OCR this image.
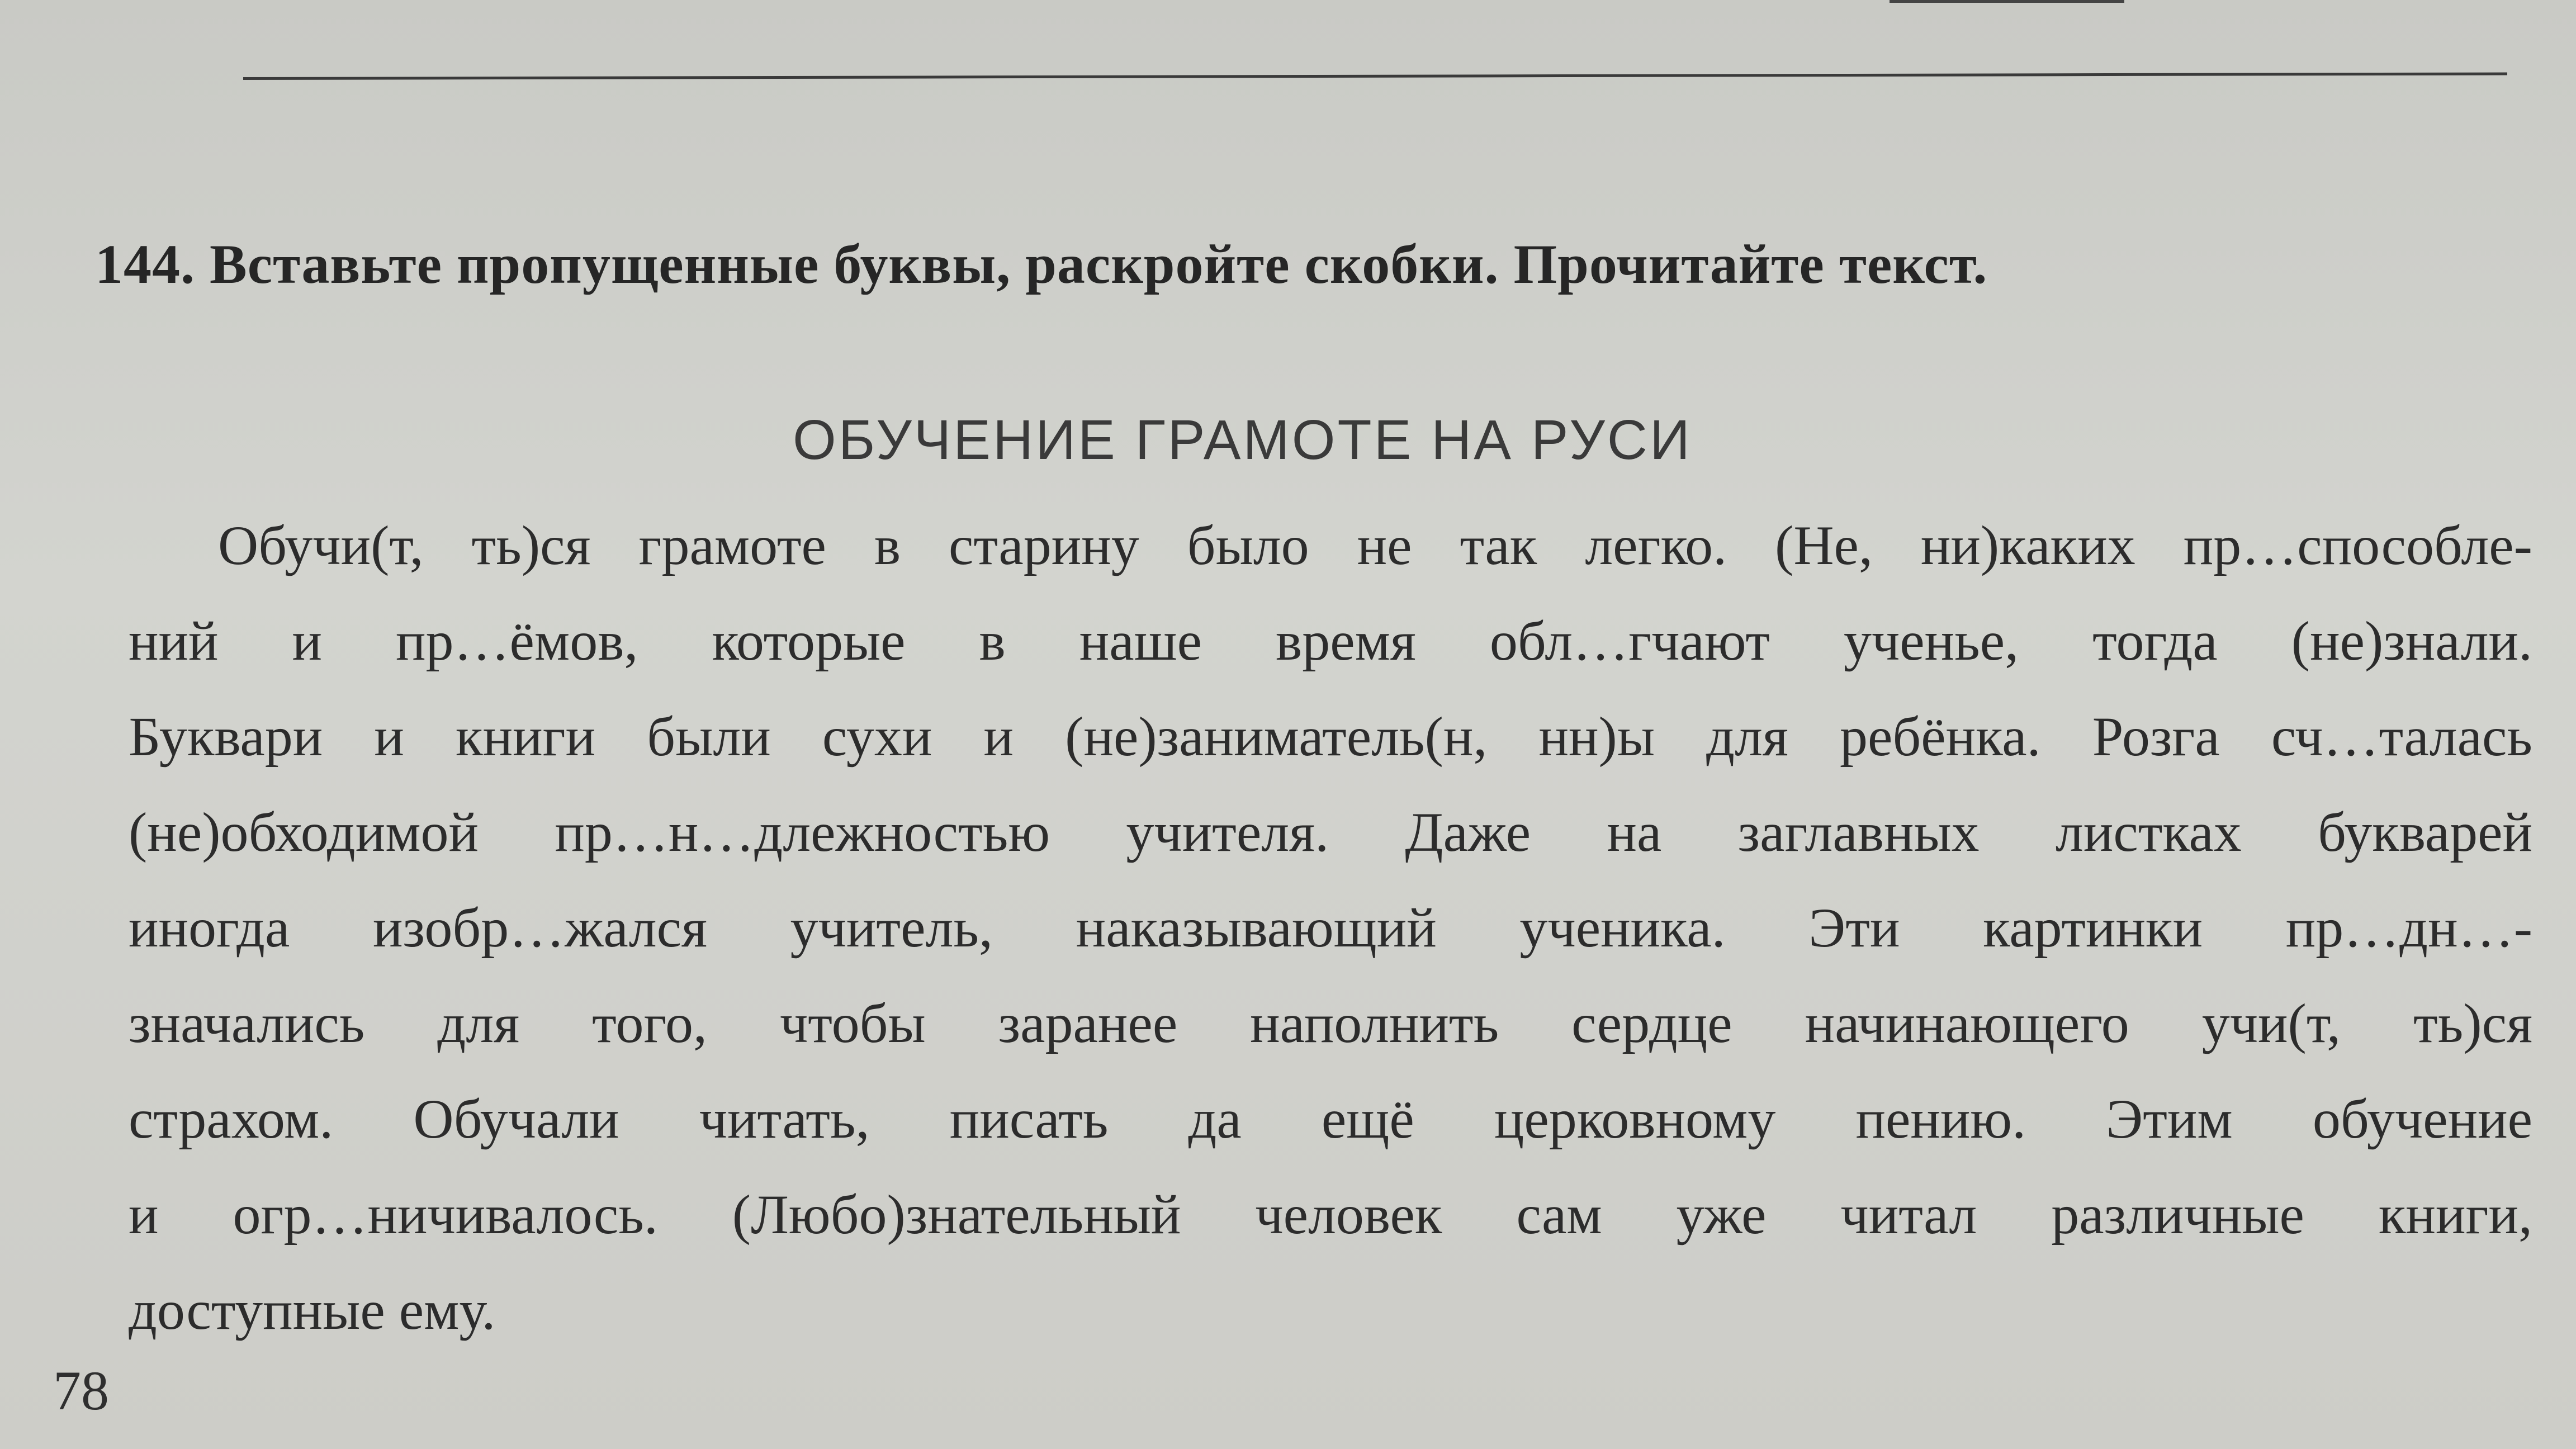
144. Вставьте пропущенные буквы, раскройте скобки. Прочитайте текст.
ОБУЧЕНИЕ ГРАМОТЕ НА РУСИ
Обучи(т, ть)ся грамоте в старину было не так легко. (Не, ни)каких пр…способле-
ний и пр…ёмов, которые в наше время обл…гчают ученье, тогда (не)знали.
Буквари и книги были сухи и (не)заниматель(н, нн)ы для ребёнка. Розга сч…талась
(не)обходимой пр…н…длежностью учителя. Даже на заглавных листках букварей
иногда изобр…жался учитель, наказывающий ученика. Эти картинки пр…дн…-
значались для того, чтобы заранее наполнить сердце начинающего учи(т, ть)ся
страхом. Обучали читать, писать да ещё церковному пению. Этим обучение
и огр…ничивалось. (Любо)знательный человек сам уже читал различные книги,
доступные ему.
78
